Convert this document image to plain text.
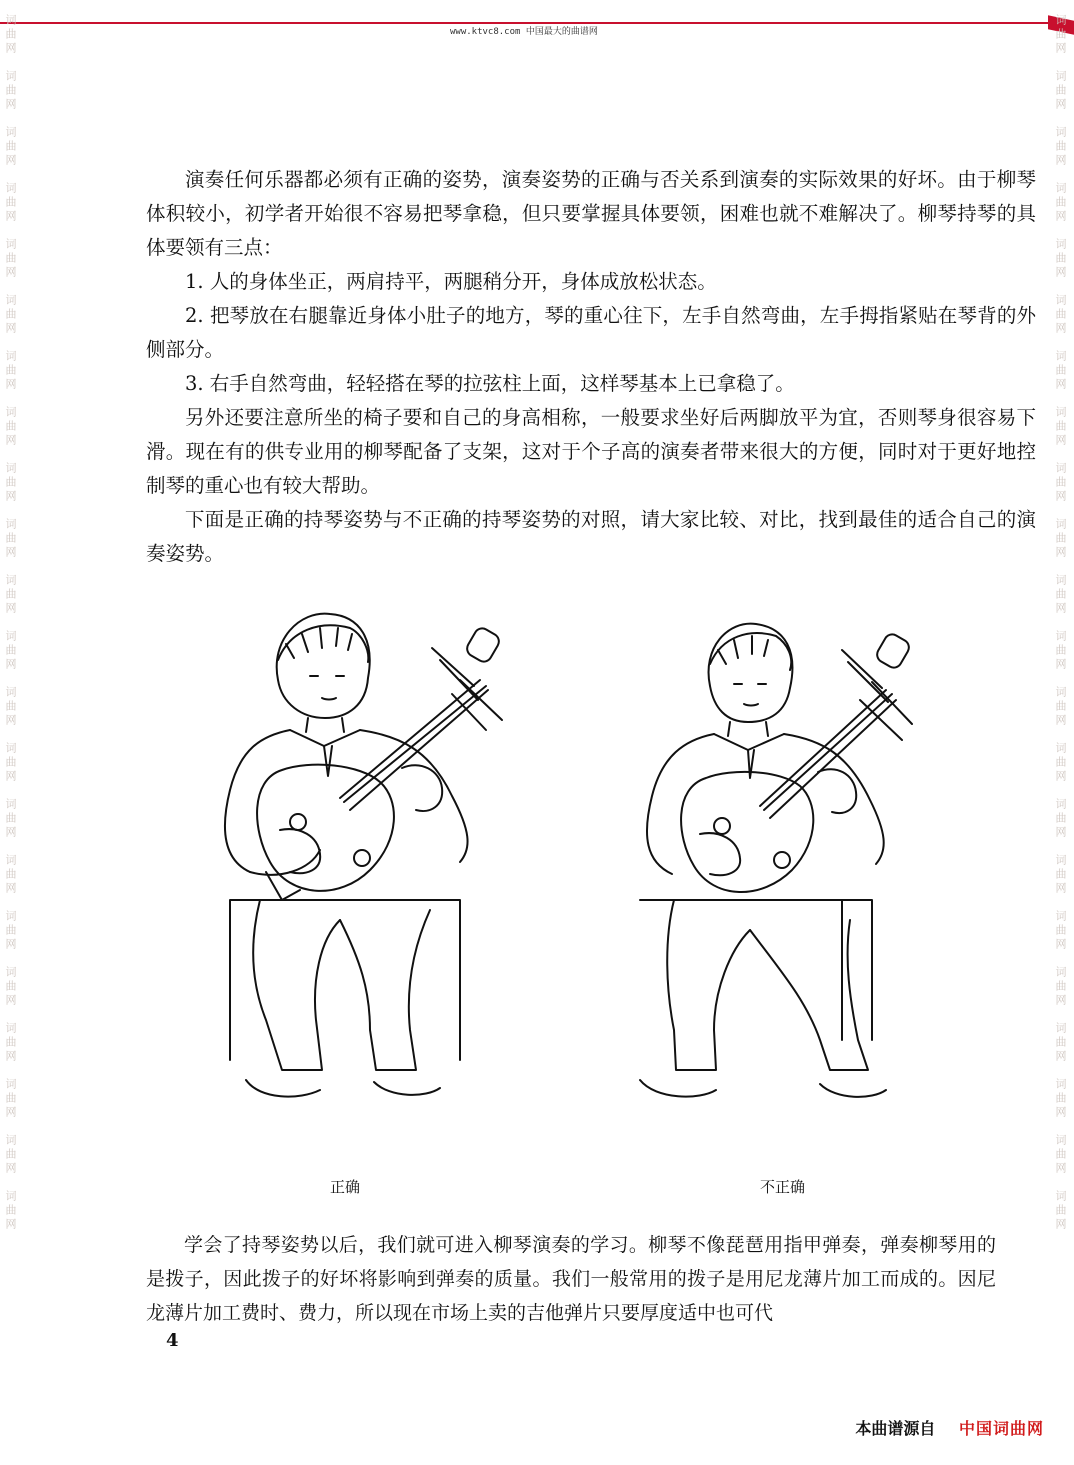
www.ktvc8.com 中国最大的曲谱网
词曲网
词曲网
词曲网
词曲网
词曲网
词曲网
词曲网
词曲网
词曲网
词曲网
词曲网
词曲网
词曲网
词曲网
词曲网
词曲网
词曲网
词曲网
词曲网
词曲网
词曲网
词曲网
词曲网
词曲网
词曲网
词曲网
词曲网
词曲网
词曲网
词曲网
词曲网
词曲网
词曲网
词曲网
词曲网
词曲网
词曲网
词曲网
词曲网
词曲网
词曲网
词曲网
词曲网
词曲网

演奏任何乐器都必须有正确的姿势，演奏姿势的正确与否关系到演奏的实际效果的好坏。由于柳琴体积较小，初学者开始很不容易把琴拿稳，但只要掌握具体要领，困难也就不难解决了。柳琴持琴的具体要领有三点：

1. 人的身体坐正，两肩持平，两腿稍分开，身体成放松状态。

2. 把琴放在右腿靠近身体小肚子的地方，琴的重心往下，左手自然弯曲，左手拇指紧贴在琴背的外侧部分。

3. 右手自然弯曲，轻轻搭在琴的拉弦柱上面，这样琴基本上已拿稳了。

另外还要注意所坐的椅子要和自己的身高相称，一般要求坐好后两脚放平为宜，否则琴身很容易下滑。现在有的供专业用的柳琴配备了支架，这对于个子高的演奏者带来很大的方便，同时对于更好地控制琴的重心也有较大帮助。

下面是正确的持琴姿势与不正确的持琴姿势的对照，请大家比较、对比，找到最佳的适合自己的演奏姿势。

正确	不正确

学会了持琴姿势以后，我们就可进入柳琴演奏的学习。柳琴不像琵琶用指甲弹奏，弹奏柳琴用的是拨子，因此拨子的好坏将影响到弹奏的质量。我们一般常用的拨子是用尼龙薄片加工而成的。因尼龙薄片加工费时、费力，所以现在市场上卖的吉他弹片只要厚度适中也可代

4
本曲谱源自 中国词曲网
